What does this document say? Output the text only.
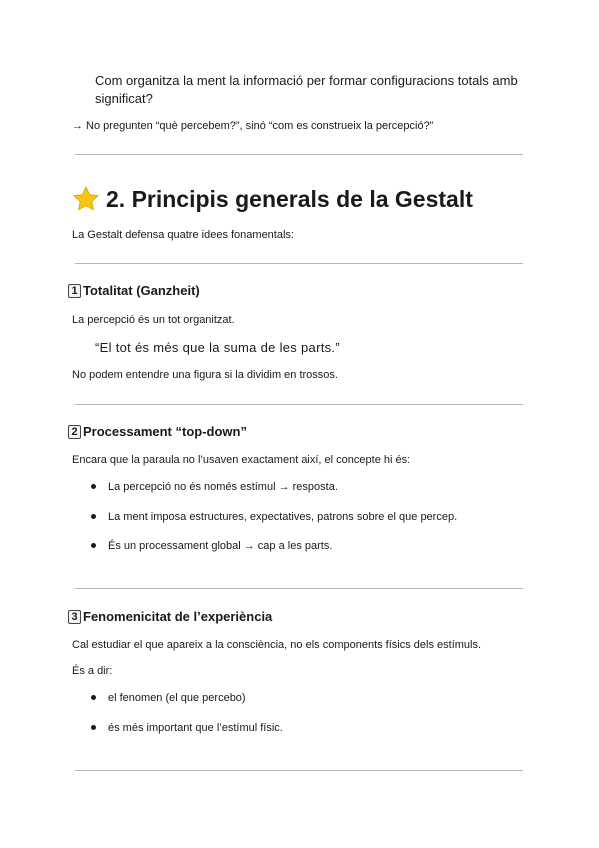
Com organitza la ment la informació per formar configuracions totals amb
significat?
→ No pregunten “què percebem?”, sinó “com es construeix la percepció?”
2. Principis generals de la Gestalt
La Gestalt defensa quatre idees fonamentals:
1 Totalitat (Ganzheit)
La percepció és un tot organitzat.
“El tot és més que la suma de les parts.”
No podem entendre una figura si la dividim en trossos.
2 Processament “top-down”
Encara que la paraula no l’usaven exactament així, el concepte hi és:
La percepció no és només estímul → resposta.
La ment imposa estructures, expectatives, patrons sobre el que percep.
És un processament global → cap a les parts.
3 Fenomenicitat de l’experiència
Cal estudiar el que apareix a la consciència, no els components físics dels estímuls.
És a dir:
el fenomen (el que percebo)
és més important que l’estímul físic.
